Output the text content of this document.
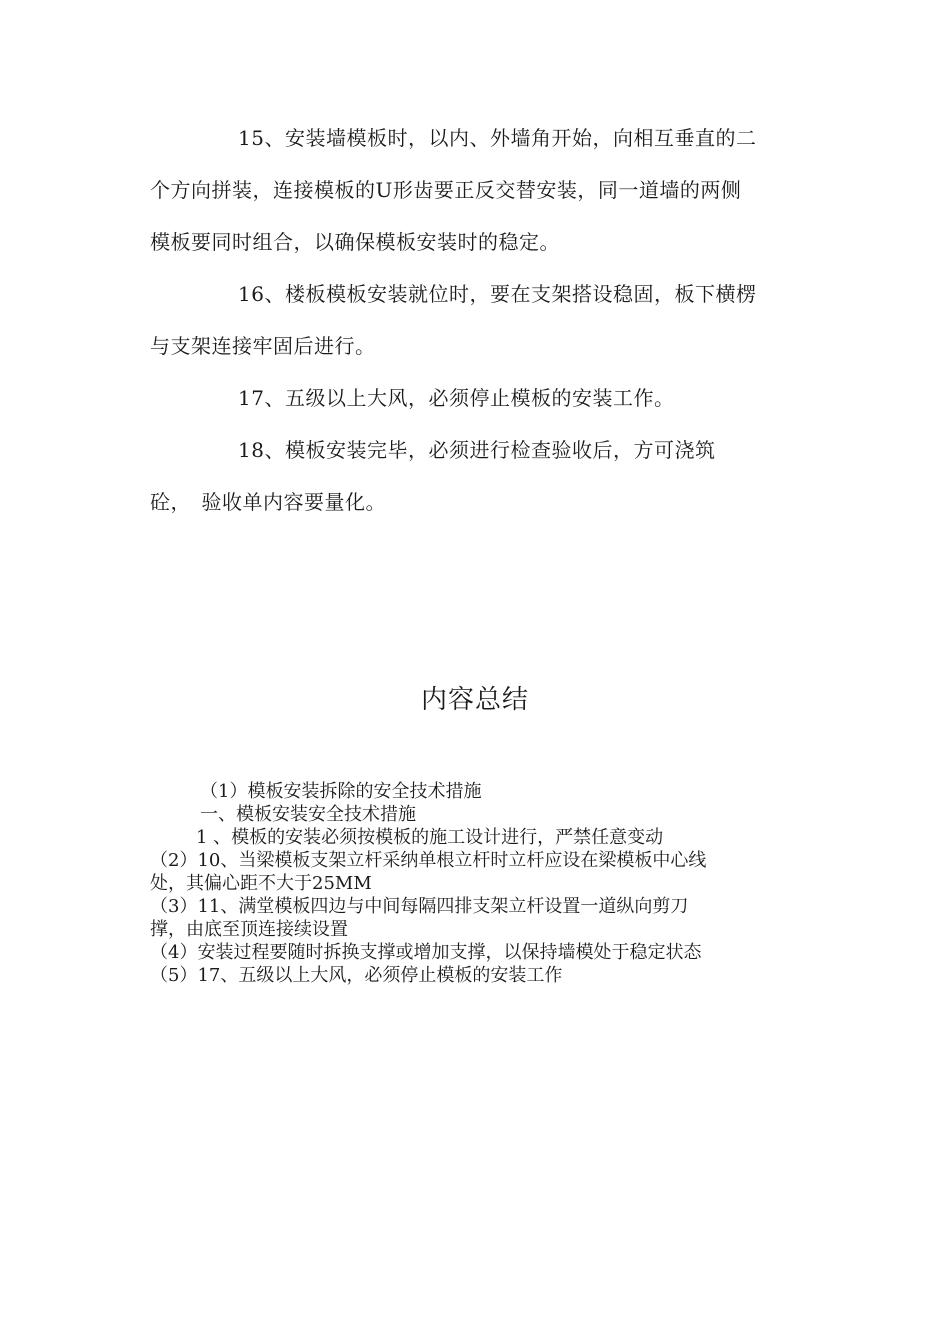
15、安装墙模板时，以内、外墙角开始，向相互垂直的二

个方向拼装，连接模板的U形齿要正反交替安装，同一道墙的两侧

模板要同时组合，以确保模板安装时的稳定。

16、楼板模板安装就位时，要在支架搭设稳固，板下横楞

与支架连接牢固后进行。

17、五级以上大风，必须停止模板的安装工作。

18、模板安装完毕，必须进行检查验收后，方可浇筑

砼，　验收单内容要量化。

内容总结

（1）模板安装拆除的安全技术措施

一、模板安装安全技术措施

1 、模板的安装必须按模板的施工设计进行，严禁任意变动

（2）10、当梁模板支架立杆采纳单根立杆时立杆应设在梁模板中心线

处，其偏心距不大于25MM

（3）11、满堂模板四边与中间每隔四排支架立杆设置一道纵向剪刀

撑，由底至顶连接续设置

（4）安装过程要随时拆换支撑或增加支撑，以保持墙模处于稳定状态

（5）17、五级以上大风，必须停止模板的安装工作
